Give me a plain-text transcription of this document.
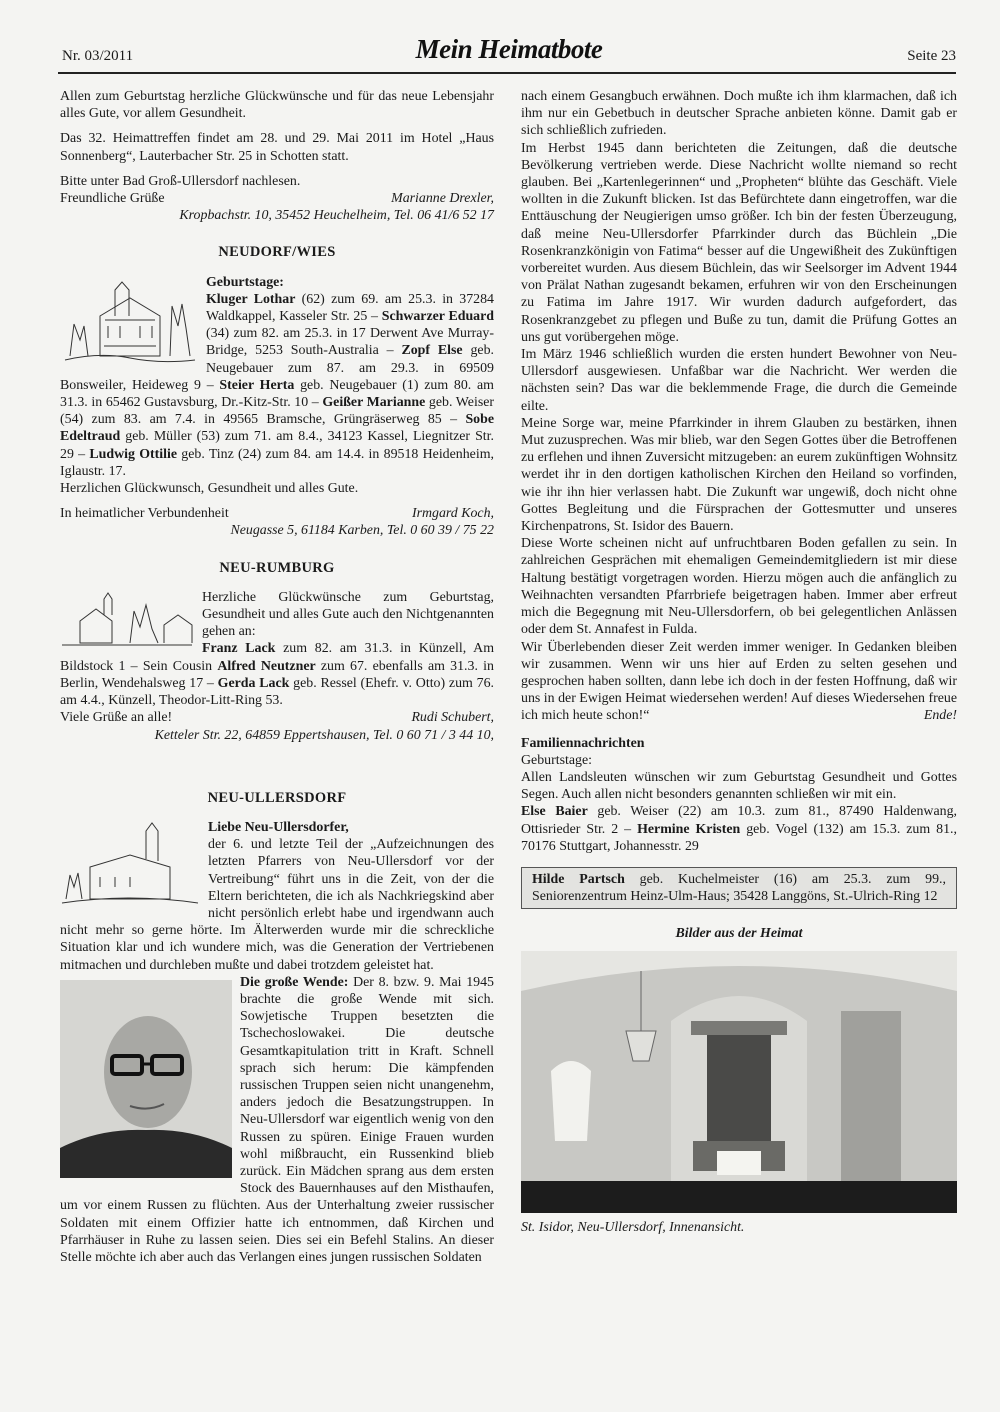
Nr. 03/2011	Mein Heimatbote	Seite 23

Allen zum Geburtstag herzliche Glückwünsche und für das neue Lebensjahr alles Gute, vor allem Gesundheit.

Das 32. Heimattreffen findet am 28. und 29. Mai 2011 im Hotel „Haus Sonnenberg“, Lauterbacher Str. 25 in Schotten statt.

Bitte unter Bad Groß-Ullersdorf nachlesen.

Freundliche Grüße	Marianne Drexler,

Kropbachstr. 10, 35452 Heuchelheim, Tel. 06 41/6 52 17

NEUDORF/WIES

Geburtstage:

Kluger Lothar (62) zum 69. am 25.3. in 37284 Waldkappel, Kasseler Str. 25 – Schwarzer Eduard (34) zum 82. am 25.3. in 17 Derwent Ave Murray-Bridge, 5253 South-Australia – Zopf Else geb. Neugebauer zum 87. am 29.3. in 69509 Bonsweiler, Heideweg 9 – Steier Herta geb. Neugebauer (1) zum 80. am 31.3. in 65462 Gustavsburg, Dr.-Kitz-Str. 10 – Geißer Marianne geb. Weiser (54) zum 83. am 7.4. in 49565 Bramsche, Grüngräserweg 85 – Sobe Edeltraud geb. Müller (53) zum 71. am 8.4., 34123 Kassel, Liegnitzer Str. 29 – Ludwig Ottilie geb. Tinz (24) zum 84. am 14.4. in 89518 Heidenheim, Iglaustr. 17.

Herzlichen Glückwunsch, Gesundheit und alles Gute.

In heimatlicher Verbundenheit	Irmgard Koch,

Neugasse 5, 61184 Karben, Tel. 0 60 39 / 75 22

NEU-RUMBURG

Herzliche Glückwünsche zum Geburtstag, Gesundheit und alles Gute auch den Nichtgenannten gehen an:

Franz Lack zum 82. am 31.3. in Künzell, Am Bildstock 1 – Sein Cousin Alfred Neutzner zum 67. ebenfalls am 31.3. in Berlin, Wendehalsweg 17 – Gerda Lack geb. Ressel (Ehefr. v. Otto) zum 76. am 4.4., Künzell, Theodor-Litt-Ring 53.

Viele Grüße an alle!	Rudi Schubert,

Ketteler Str. 22, 64859 Eppertshausen, Tel. 0 60 71 / 3 44 10,

NEU-ULLERSDORF

Liebe Neu-Ullersdorfer,

der 6. und letzte Teil der „Aufzeichnungen des letzten Pfarrers von Neu-Ullersdorf vor der Vertreibung“ führt uns in die Zeit, von der die Eltern berichteten, die ich als Nachkriegskind aber nicht persönlich erlebt habe und irgendwann auch nicht mehr so gerne hörte. Im Älterwerden wurde mir die schreckliche Situation klar und ich wundere mich, was die Generation der Vertriebenen mitmachen und durchleben mußte und dabei trotzdem geleistet hat.

Die große Wende: Der 8. bzw. 9. Mai 1945 brachte die große Wende mit sich. Sowjetische Truppen besetzten die Tschechoslowakei. Die deutsche Gesamtkapitulation tritt in Kraft. Schnell sprach sich herum: Die kämpfenden russischen Truppen seien nicht unangenehm, anders jedoch die Besatzungstruppen. In Neu-Ullersdorf war eigentlich wenig von den Russen zu spüren. Einige Frauen wurden wohl mißbraucht, ein Russenkind blieb zurück. Ein Mädchen sprang aus dem ersten Stock des Bauernhauses auf den Misthaufen, um vor einem Russen zu flüchten. Aus der Unterhaltung zweier russischer Soldaten mit einem Offizier hatte ich entnommen, daß Kirchen und Pfarrhäuser in Ruhe zu lassen seien. Dies sei ein Befehl Stalins. An dieser Stelle möchte ich aber auch das Verlangen eines jungen russischen Soldaten

nach einem Gesangbuch erwähnen. Doch mußte ich ihm klarmachen, daß ich ihm nur ein Gebetbuch in deutscher Sprache anbieten könne. Damit gab er sich schließlich zufrieden.

Im Herbst 1945 dann berichteten die Zeitungen, daß die deutsche Bevölkerung vertrieben werde. Diese Nachricht wollte niemand so recht glauben. Bei „Kartenlegerinnen“ und „Propheten“ blühte das Geschäft. Viele wollten in die Zukunft blicken. Ist das Befürchtete dann eingetroffen, war die Enttäuschung der Neugierigen umso größer. Ich bin der festen Überzeugung, daß meine Neu-Ullersdorfer Pfarrkinder durch das Büchlein „Die Rosenkranzkönigin von Fatima“ besser auf die Ungewißheit des Zukünftigen vorbereitet wurden. Aus diesem Büchlein, das wir Seelsorger im Advent 1944 von Prälat Nathan zugesandt bekamen, erfuhren wir von den Erscheinungen zu Fatima im Jahre 1917. Wir wurden dadurch aufgefordert, das Rosenkranzgebet zu pflegen und Buße zu tun, damit die Prüfung Gottes an uns gut vorübergehen möge.

Im März 1946 schließlich wurden die ersten hundert Bewohner von Neu-Ullersdorf ausgewiesen. Unfaßbar war die Nachricht. Wer werden die nächsten sein? Das war die beklemmende Frage, die durch die Gemeinde eilte.

Meine Sorge war, meine Pfarrkinder in ihrem Glauben zu bestärken, ihnen Mut zuzusprechen. Was mir blieb, war den Segen Gottes über die Betroffenen zu erflehen und ihnen Zuversicht mitzugeben: an eurem zukünftigen Wohnsitz werdet ihr in den dortigen katholischen Kirchen den Heiland so vorfinden, wie ihr ihn hier verlassen habt. Die Zukunft war ungewiß, doch nicht ohne Gottes Begleitung und die Fürsprachen der Gottesmutter und unseres Kirchenpatrons, St. Isidor des Bauern.

Diese Worte scheinen nicht auf unfruchtbaren Boden gefallen zu sein. In zahlreichen Gesprächen mit ehemaligen Gemeindemitgliedern ist mir diese Haltung bestätigt vorgetragen worden. Hierzu mögen auch die anfänglich zu Weihnachten versandten Pfarrbriefe beigetragen haben. Immer aber erfreut mich die Begegnung mit Neu-Ullersdorfern, ob bei gelegentlichen Anlässen oder dem St. Annafest in Fulda.

Wir Überlebenden dieser Zeit werden immer weniger. In Gedanken bleiben wir zusammen. Wenn wir uns hier auf Erden zu selten gesehen und gesprochen haben sollten, dann lebe ich doch in der festen Hoffnung, daß wir uns in der Ewigen Heimat wiedersehen werden! Auf dieses Wiedersehen freue ich mich heute schon!“	Ende!

Familiennachrichten

Geburtstage:

Allen Landsleuten wünschen wir zum Geburtstag Gesundheit und Gottes Segen. Auch allen nicht besonders genannten schließen wir mit ein.

Else Baier geb. Weiser (22) am 10.3. zum 81., 87490 Haldenwang, Ottisrieder Str. 2 – Hermine Kristen geb. Vogel (132) am 15.3. zum 81., 70176 Stuttgart, Johannesstr. 29

Hilde Partsch geb. Kuchelmeister (16) am 25.3. zum 99., Seniorenzentrum Heinz-Ulm-Haus; 35428 Langgöns, St.-Ulrich-Ring 12
Bilder aus der Heimat

St. Isidor, Neu-Ullersdorf, Innenansicht.
